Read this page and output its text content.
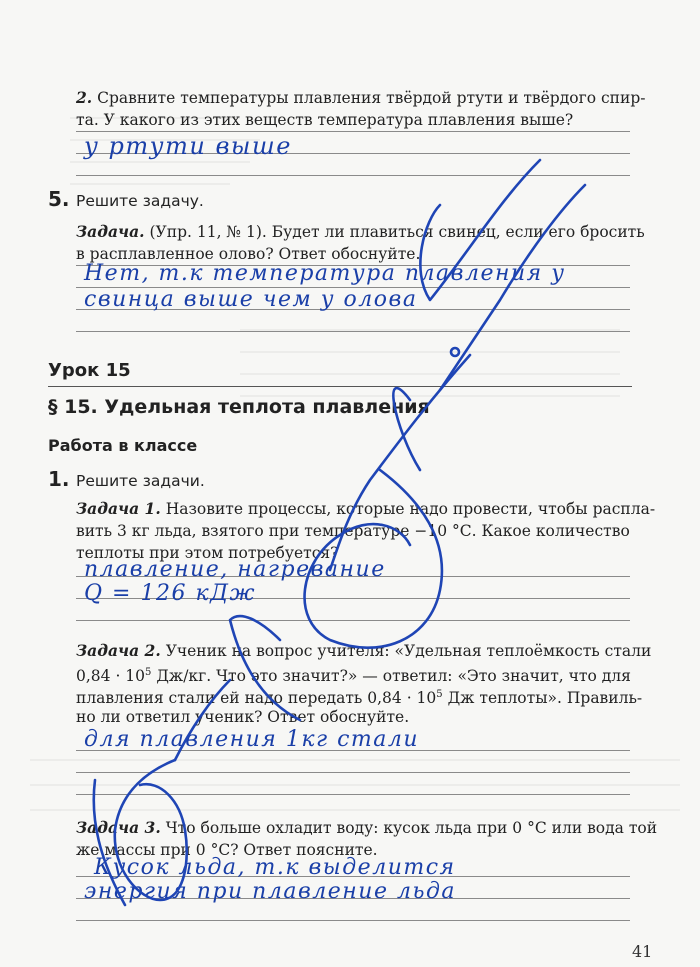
2. Сравните температуры плавления твёрдой ртути и твёрдого спир-
та. У какого из этих веществ температура плавления выше?
у ртути выше
5. Решите задачу.
Задача. (Упр. 11, № 1). Будет ли плавиться свинец, если его бросить
в расплавленное олово? Ответ обоснуйте.
Нет, т.к температура плавления у
свинца выше чем у олова
Урок 15
§ 15. Удельная теплота плавления
Работа в классе
1. Решите задачи.
Задача 1. Назовите процессы, которые надо провести, чтобы распла-
вить 3 кг льда, взятого при температуре −10 °С. Какое количество
теплоты при этом потребуется?
плавление, нагревание
Q = 126 кДж
Задача 2. Ученик на вопрос учителя: «Удельная теплоёмкость стали
$0,84 \cdot 10^5$ Дж/кг. Что это значит?» — ответил: «Это значит, что для
плавления стали ей надо передать $0,84 \cdot 10^5$ Дж теплоты». Правиль-
но ли ответил ученик? Ответ обоснуйте.
для плавления 1кг стали
Задача 3. Что больше охладит воду: кусок льда при 0 °С или вода той
же массы при 0 °С? Ответ поясните.
Кусок льда, т.к выделится
энергия при плавление льда
41
